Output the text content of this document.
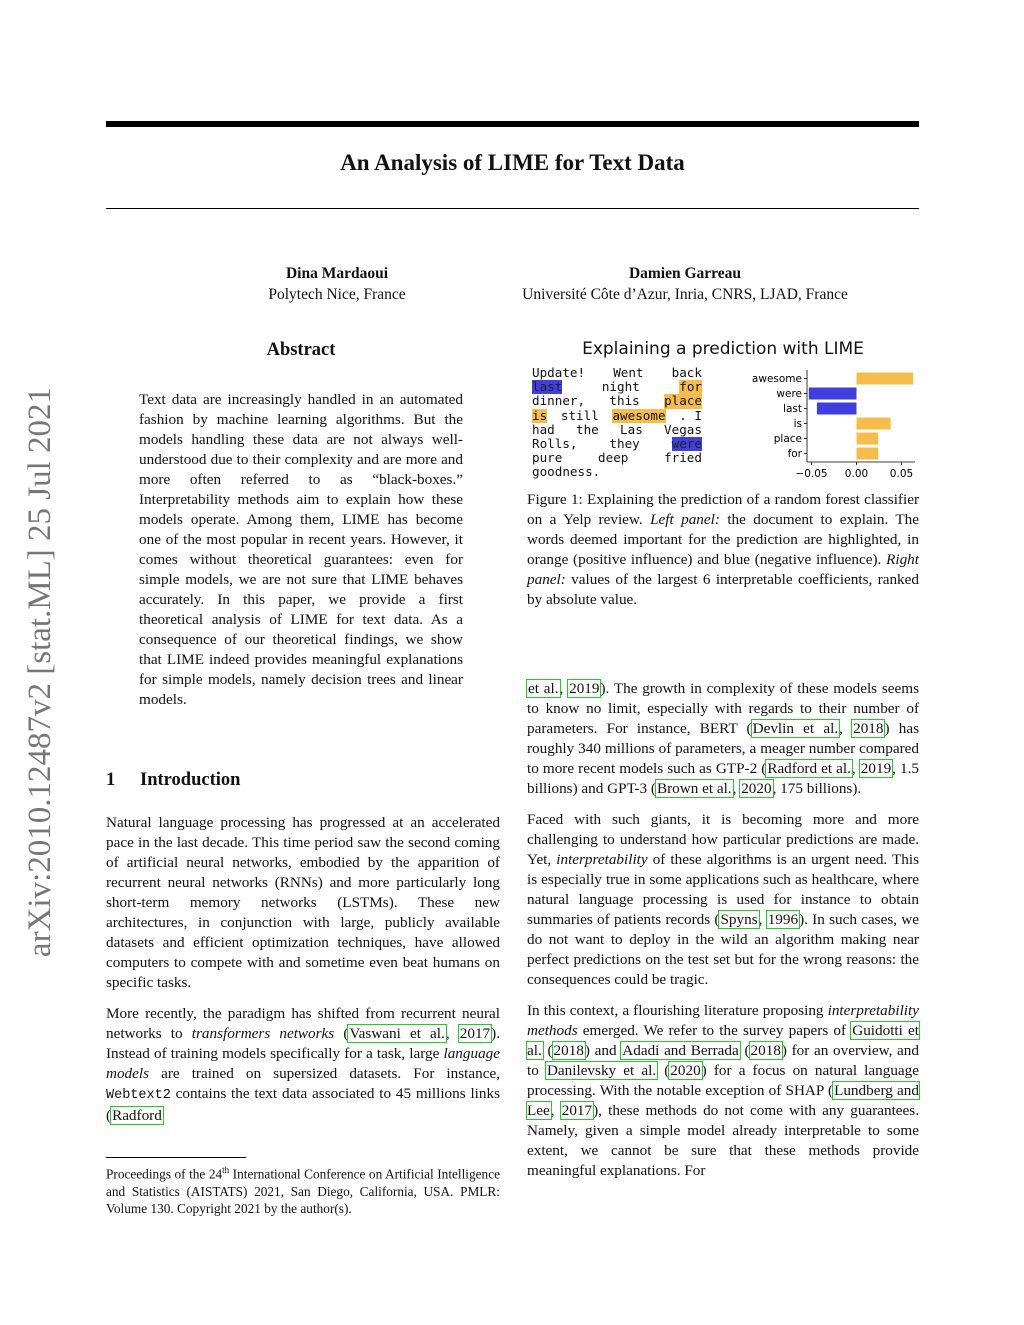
An Analysis of LIME for Text Data
arXiv:2010.12487v2 [stat.ML] 25 Jul 2021
Dina Mardaoui
Polytech Nice, France
Damien Garreau
Université Côte d’Azur, Inria, CNRS, LJAD, France
Abstract
Text data are increasingly handled in an automated fashion by machine learning algorithms. But the models handling these data are not always well-understood due to their complexity and are more and more often referred to as “black-boxes.” Interpretability methods aim to explain how these models operate. Among them, LIME has become one of the most popular in recent years. However, it comes without theoretical guarantees: even for simple models, we are not sure that LIME behaves accurately. In this paper, we provide a first theoretical analysis of LIME for text data. As a consequence of our theoretical findings, we show that LIME indeed provides meaningful explanations for simple models, namely decision trees and linear models.
1 Introduction

Natural language processing has progressed at an accelerated pace in the last decade. This time period saw the second coming of artificial neural networks, embodied by the apparition of recurrent neural networks (RNNs) and more particularly long short-term memory networks (LSTMs). These new architectures, in conjunction with large, publicly available datasets and efficient optimization techniques, have allowed computers to compete with and sometime even beat humans on specific tasks.

More recently, the paradigm has shifted from recurrent neural networks to transformers networks (Vaswani et al., 2017). Instead of training models specifically for a task, large language models are trained on supersized datasets. For instance, Webtext2 contains the text data associated to 45 millions links (Radford

Proceedings of the 24th International Conference on Artificial Intelligence and Statistics (AISTATS) 2021, San Diego, California, USA. PMLR: Volume 130. Copyright 2021 by the author(s).
Explaining a prediction with LIME
Update! Went back
last	night	for
dinner, this place
is still awesome . I
had the Las Vegas
Rolls,	they	were
pure	deep	fried
goodness.
awesome
were
last
is
place
for
−0.05 0.00 0.05
Figure 1: Explaining the prediction of a random forest classifier on a Yelp review. Left panel: the document to explain. The words deemed important for the prediction are highlighted, in orange (positive influence) and blue (negative influence). Right panel: values of the largest 6 interpretable coefficients, ranked by absolute value.

et al., 2019). The growth in complexity of these models seems to know no limit, especially with regards to their number of parameters. For instance, BERT (Devlin et al., 2018) has roughly 340 millions of parameters, a meager number compared to more recent models such as GTP-2 (Radford et al., 2019, 1.5 billions) and GPT-3 (Brown et al., 2020, 175 billions).

Faced with such giants, it is becoming more and more challenging to understand how particular predictions are made. Yet, interpretability of these algorithms is an urgent need. This is especially true in some applications such as healthcare, where natural language processing is used for instance to obtain summaries of patients records (Spyns, 1996). In such cases, we do not want to deploy in the wild an algorithm making near perfect predictions on the test set but for the wrong reasons: the consequences could be tragic.

In this context, a flourishing literature proposing interpretability methods emerged. We refer to the survey papers of Guidotti et al. (2018) and Adadi and Berrada (2018) for an overview, and to Danilevsky et al. (2020) for a focus on natural language processing. With the notable exception of SHAP (Lundberg and Lee, 2017), these methods do not come with any guarantees. Namely, given a simple model already interpretable to some extent, we cannot be sure that these methods provide meaningful explanations. For
